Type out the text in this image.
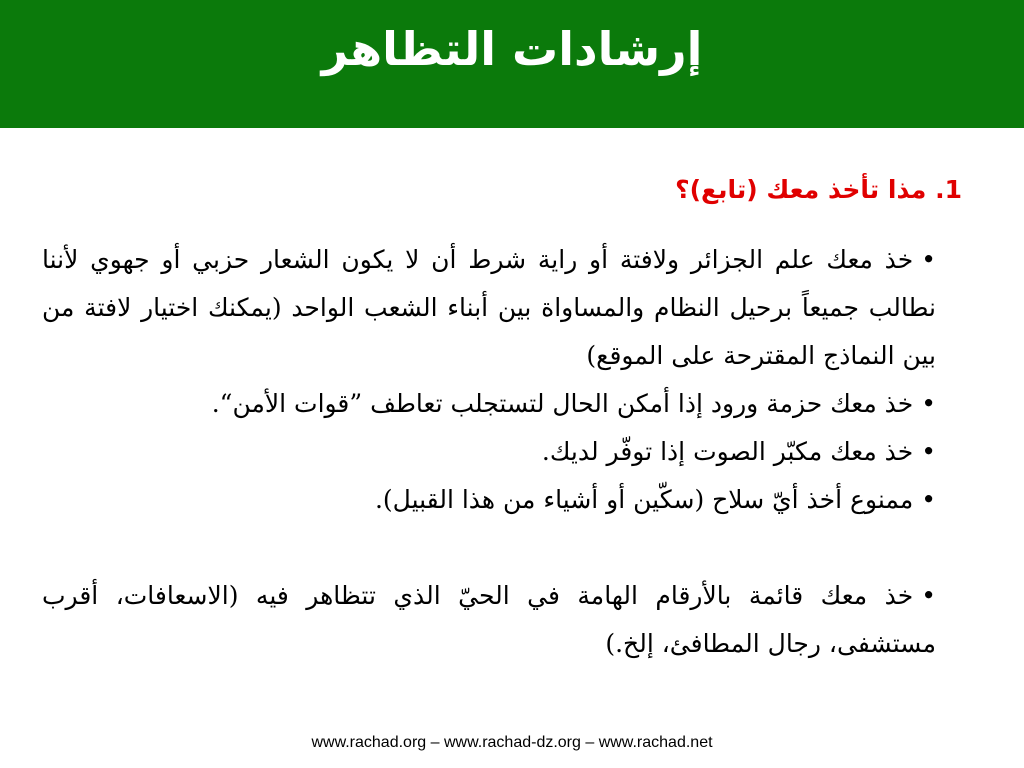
إرشادات التظاهر
1. مذا تأخذ معك (تابع)؟

•خذ معك علم الجزائر ولافتة أو راية شرط أن لا يكون الشعار حزبي أو جهوي لأننا نطالب جميعاً برحيل النظام والمساواة بين أبناء الشعب الواحد (يمكنك اختيار لافتة من بين النماذج المقترحة على الموقع)

•خذ معك حزمة ورود إذا أمكن الحال لتستجلب تعاطف ”قوات الأمن“.

•خذ معك مكبّر الصوت إذا توفّر لديك.

•ممنوع أخذ أيّ سلاح (سكّين أو أشياء من هذا القبيل).

•خذ معك قائمة بالأرقام الهامة في الحيّ الذي تتظاهر فيه (الاسعافات، أقرب مستشفى، رجال المطافئ، إلخ.)

www.rachad.org – www.rachad-dz.org – www.rachad.net
